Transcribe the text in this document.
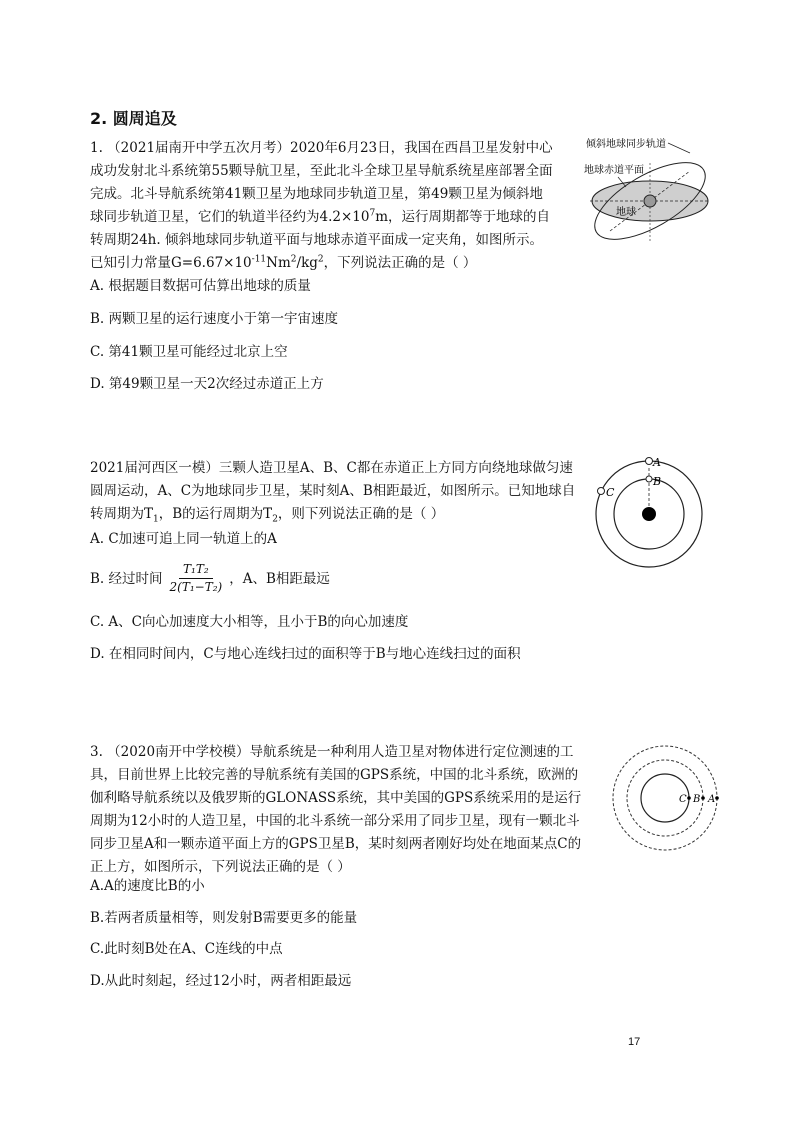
2. 圆周追及

1. （2021届南开中学五次月考）2020年6月23日，我国在西昌卫星发射中心成功发射北斗系统第55颗导航卫星，至此北斗全球卫星导航系统星座部署全面完成。北斗导航系统第41颗卫星为地球同步轨道卫星，第49颗卫星为倾斜地球同步轨道卫星，它们的轨道半径约为$4.2\times 10^7m$，运行周期都等于地球的自转周期24h. 倾斜地球同步轨道平面与地球赤道平面成一定夹角，如图所示。已知引力常量$G=6.67\times 10^{-11}Nm^2/kg^2$，下列说法正确的是（ ）

倾斜地球同步轨道
地球赤道平面
地球

A. 根据题目数据可估算出地球的质量

B. 两颗卫星的运行速度小于第一宇宙速度

C. 第41颗卫星可能经过北京上空

D. 第49颗卫星一天2次经过赤道正上方

2021届河西区一模）三颗人造卫星A、B、C都在赤道正上方同方向绕地球做匀速圆周运动，A、C为地球同步卫星，某时刻A、B相距最近，如图所示。已知地球自转周期为$T_1$，B的运行周期为$T_2$，则下列说法正确的是（ ）

A
B
C

A. C加速可追上同一轨道上的A

B. 经过时间 $\frac{\text{T₁T₂}}{\text{2(T₁−T₂)}}$ ，A、B相距最远

C. A、C向心加速度大小相等，且小于B的向心加速度

D. 在相同时间内，C与地心连线扫过的面积等于B与地心连线扫过的面积

3. （2020南开中学校模）导航系统是一种利用人造卫星对物体进行定位测速的工具，目前世界上比较完善的导航系统有美国的GPS系统，中国的北斗系统，欧洲的伽利略导航系统以及俄罗斯的GLONASS系统，其中美国的GPS系统采用的是运行周期为12小时的人造卫星，中国的北斗系统一部分采用了同步卫星，现有一颗北斗同步卫星A和一颗赤道平面上方的GPS卫星B，某时刻两者刚好均处在地面某点C的正上方，如图所示，下列说法正确的是（ ）

C B A

A.A的速度比B的小

B.若两者质量相等，则发射B需要更多的能量

C.此时刻B处在A、C连线的中点

D.从此时刻起，经过12小时，两者相距最远

17
